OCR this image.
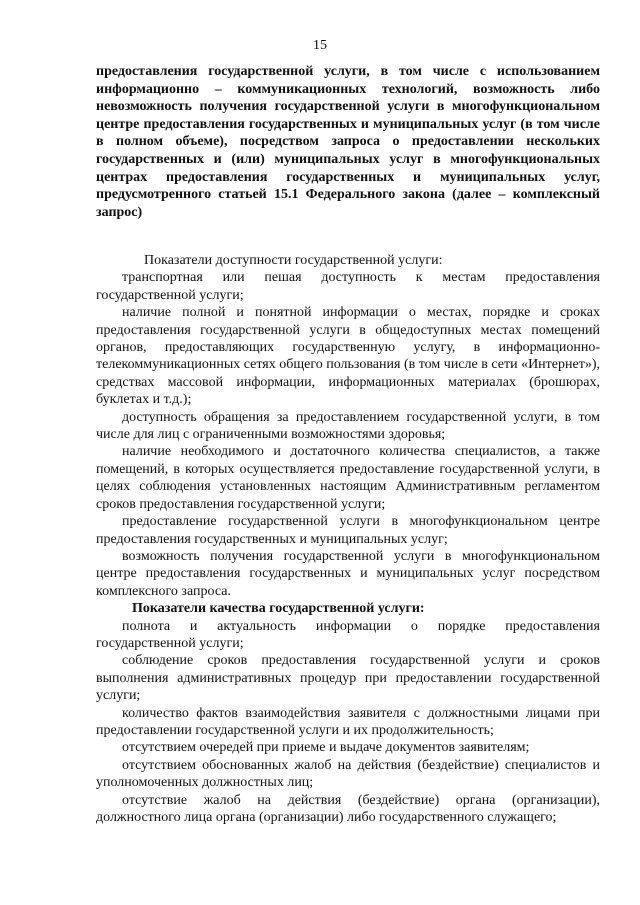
15
предоставления государственной услуги, в том числе с использованием информационно – коммуникационных технологий, возможность либо невозможность получения государственной услуги в многофункциональном центре предоставления государственных и муниципальных услуг (в том числе в полном объеме), посредством запроса о предоставлении нескольких государственных и (или) муниципальных услуг в многофункциональных центрах предоставления государственных и муниципальных услуг, предусмотренного статьей 15.1 Федерального закона (далее – комплексный запрос)

Показатели доступности государственной услуги:

транспортная или пешая доступность к местам предоставления государственной услуги;

наличие полной и понятной информации о местах, порядке и сроках предоставления государственной услуги в общедоступных местах помещений органов, предоставляющих государственную услугу, в информационно-телекоммуникационных сетях общего пользования (в том числе в сети «Интернет»), средствах массовой информации, информационных материалах (брошюрах, буклетах и т.д.);

доступность обращения за предоставлением государственной услуги, в том числе для лиц с ограниченными возможностями здоровья;

наличие необходимого и достаточного количества специалистов, а также помещений, в которых осуществляется предоставление государственной услуги, в целях соблюдения установленных настоящим Административным регламентом сроков предоставления государственной услуги;

предоставление государственной услуги в многофункциональном центре предоставления государственных и муниципальных услуг;

возможность получения государственной услуги в многофункциональном центре предоставления государственных и муниципальных услуг посредством комплексного запроса.

Показатели качества государственной услуги:

полнота и актуальность информации о порядке предоставления государственной услуги;

соблюдение сроков предоставления государственной услуги и сроков выполнения административных процедур при предоставлении государственной услуги;

количество фактов взаимодействия заявителя с должностными лицами при предоставлении государственной услуги и их продолжительность;

отсутствием очередей при приеме и выдаче документов заявителям;

отсутствием обоснованных жалоб на действия (бездействие) специалистов и уполномоченных должностных лиц;

отсутствие жалоб на действия (бездействие) органа (организации), должностного лица органа (организации) либо государственного служащего;
